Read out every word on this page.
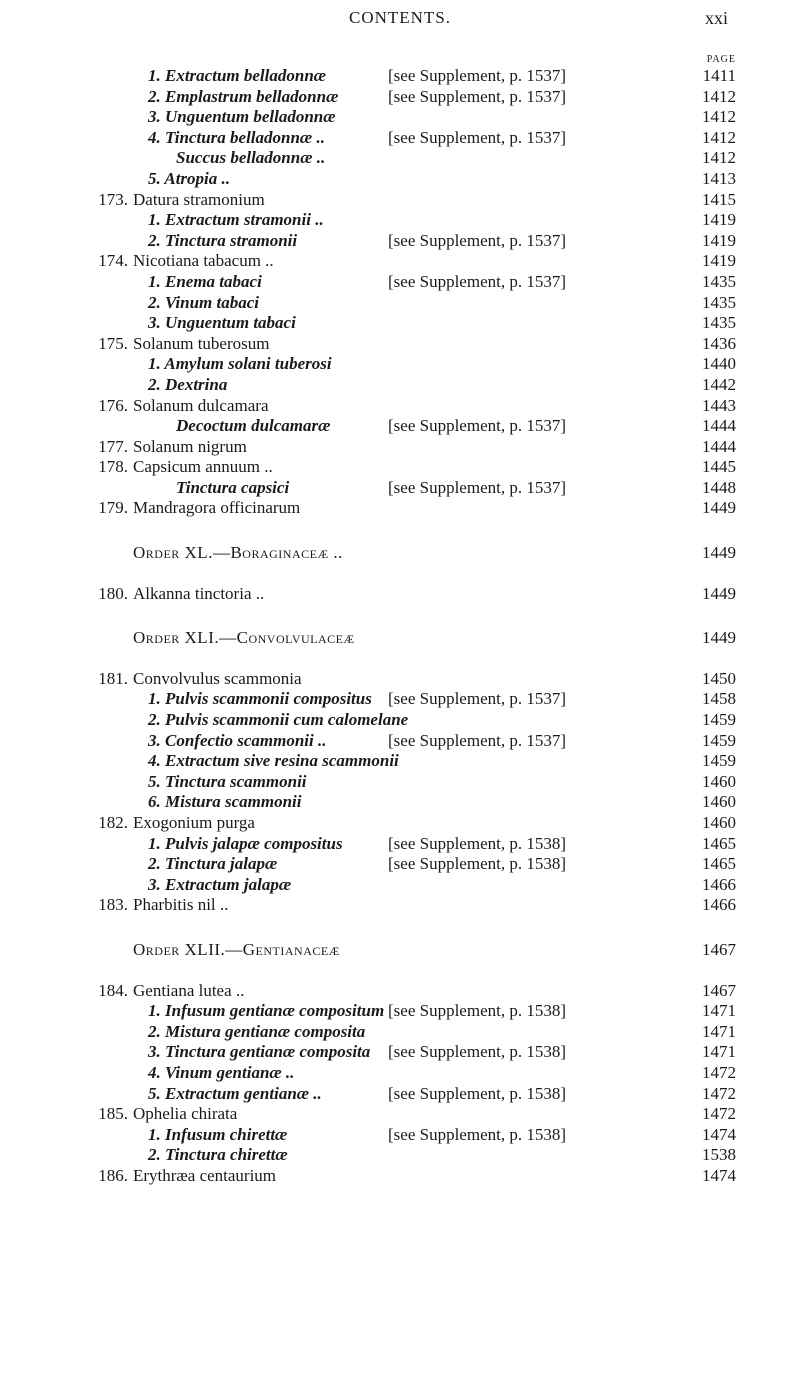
CONTENTS.	xxi
PAGE
1. Extractum belladonnæ	[see Supplement, p. 1537]	1411
2. Emplastrum belladonnæ	[see Supplement, p. 1537]	1412
3. Unguentum belladonnæ	1412
4. Tinctura belladonnæ ..	[see Supplement, p. 1537]	1412
Succus belladonnæ ..	1412
5. Atropia ..	1413
173. Datura stramonium	1415
1. Extractum stramonii ..	1419
2. Tinctura stramonii	[see Supplement, p. 1537]	1419
174. Nicotiana tabacum ..	1419
1. Enema tabaci	[see Supplement, p. 1537]	1435
2. Vinum tabaci	1435
3. Unguentum tabaci	1435
175. Solanum tuberosum	1436
1. Amylum solani tuberosi	1440
2. Dextrina	1442
176. Solanum dulcamara	1443
Decoctum dulcamaræ	[see Supplement, p. 1537]	1444
177. Solanum nigrum	1444
178. Capsicum annuum ..	1445
Tinctura capsici	[see Supplement, p. 1537]	1448
179. Mandragora officinarum	1449
Order XL.—Boraginaceæ ..	1449
180. Alkanna tinctoria ..	1449
Order XLI.—Convolvulaceæ	1449
181. Convolvulus scammonia	1450
1. Pulvis scammonii compositus [see Supplement, p. 1537]	1458
2. Pulvis scammonii cum calomelane	1459
3. Confectio scammonii ..	[see Supplement, p. 1537]	1459
4. Extractum sive resina scammonii	1459
5. Tinctura scammonii	1460
6. Mistura scammonii	1460
182. Exogonium purga	1460
1. Pulvis jalapæ compositus	[see Supplement, p. 1538]	1465
2. Tinctura jalapæ	[see Supplement, p. 1538]	1465
3. Extractum jalapæ	1466
183. Pharbitis nil ..	1466
Order XLII.—Gentianaceæ	1467
184. Gentiana lutea ..	1467
1. Infusum gentianæ compositum [see Supplement, p. 1538]	1471
2. Mistura gentianæ composita	1471
3. Tinctura gentianæ composita [see Supplement, p. 1538]	1471
4. Vinum gentianæ ..	1472
5. Extractum gentianæ ..	[see Supplement, p. 1538]	1472
185. Ophelia chirata	1472
1. Infusum chirettæ	[see Supplement, p. 1538]	1474
2. Tinctura chirettæ	1538
186. Erythræa centaurium	1474
